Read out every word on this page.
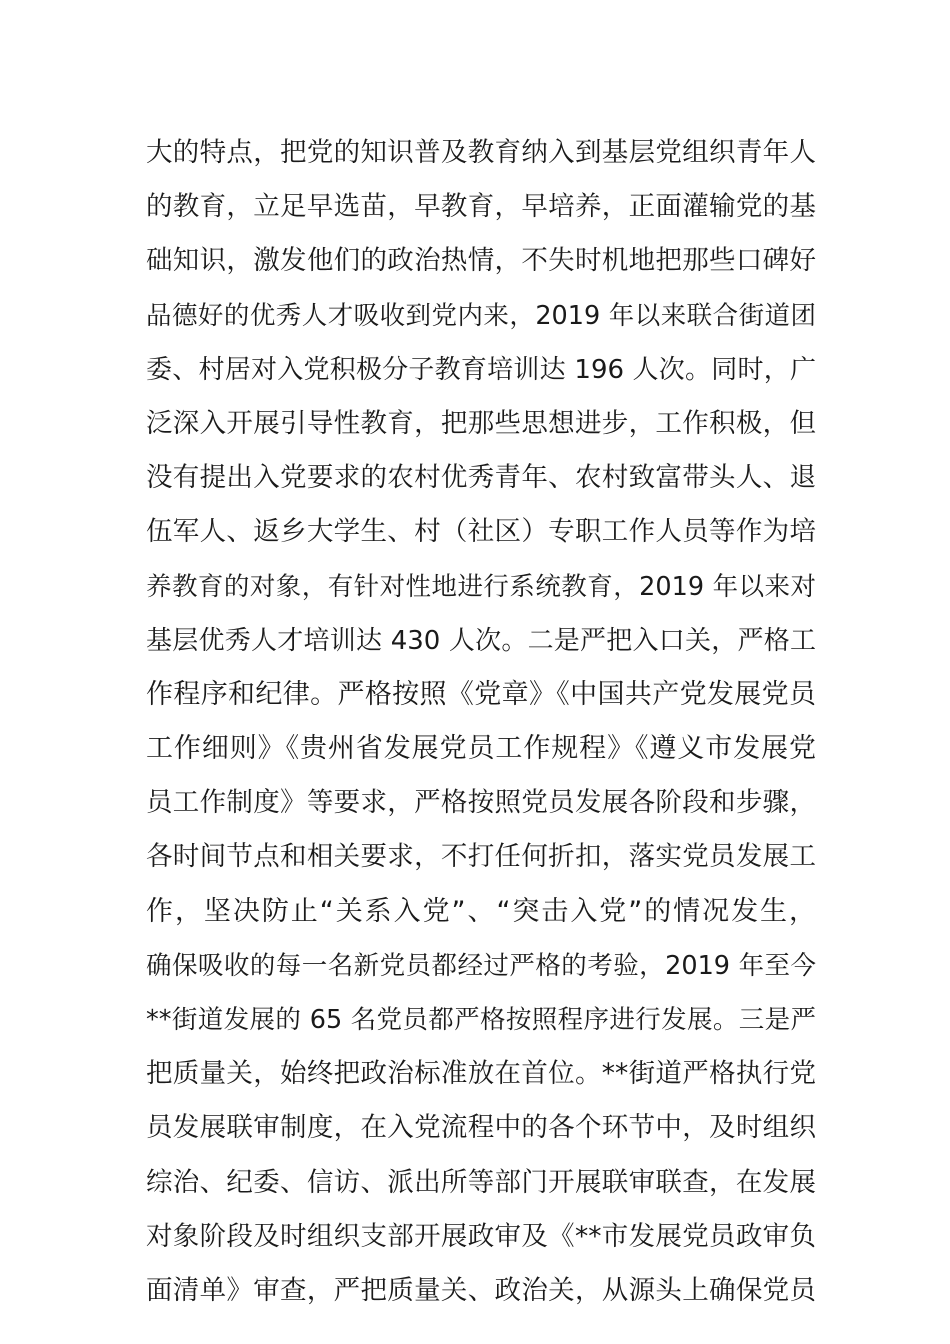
大的特点，把党的知识普及教育纳入到基层党组织青年人
的教育，立足早选苗，早教育，早培养，正面灌输党的基
础知识，激发他们的政治热情，不失时机地把那些口碑好
品德好的优秀人才吸收到党内来，2019 年以来联合街道团
委、村居对入党积极分子教育培训达 196 人次。同时，广
泛深入开展引导性教育，把那些思想进步，工作积极，但
没有提出入党要求的农村优秀青年、农村致富带头人、退
伍军人、返乡大学生、村（社区）专职工作人员等作为培
养教育的对象，有针对性地进行系统教育，2019 年以来对
基层优秀人才培训达 430 人次。二是严把入口关，严格工
作程序和纪律。严格按照《党章》《中国共产党发展党员
工作细则》《贵州省发展党员工作规程》《遵义市发展党
员工作制度》等要求，严格按照党员发展各阶段和步骤，
各时间节点和相关要求，不打任何折扣，落实党员发展工
作，坚决防止“关系入党”、“突击入党”的情况发生，
确保吸收的每一名新党员都经过严格的考验，2019 年至今
**街道发展的 65 名党员都严格按照程序进行发展。三是严
把质量关，始终把政治标准放在首位。**街道严格执行党
员发展联审制度，在入党流程中的各个环节中，及时组织
综治、纪委、信访、派出所等部门开展联审联查，在发展
对象阶段及时组织支部开展政审及《**市发展党员政审负
面清单》审查，严把质量关、政治关，从源头上确保党员
